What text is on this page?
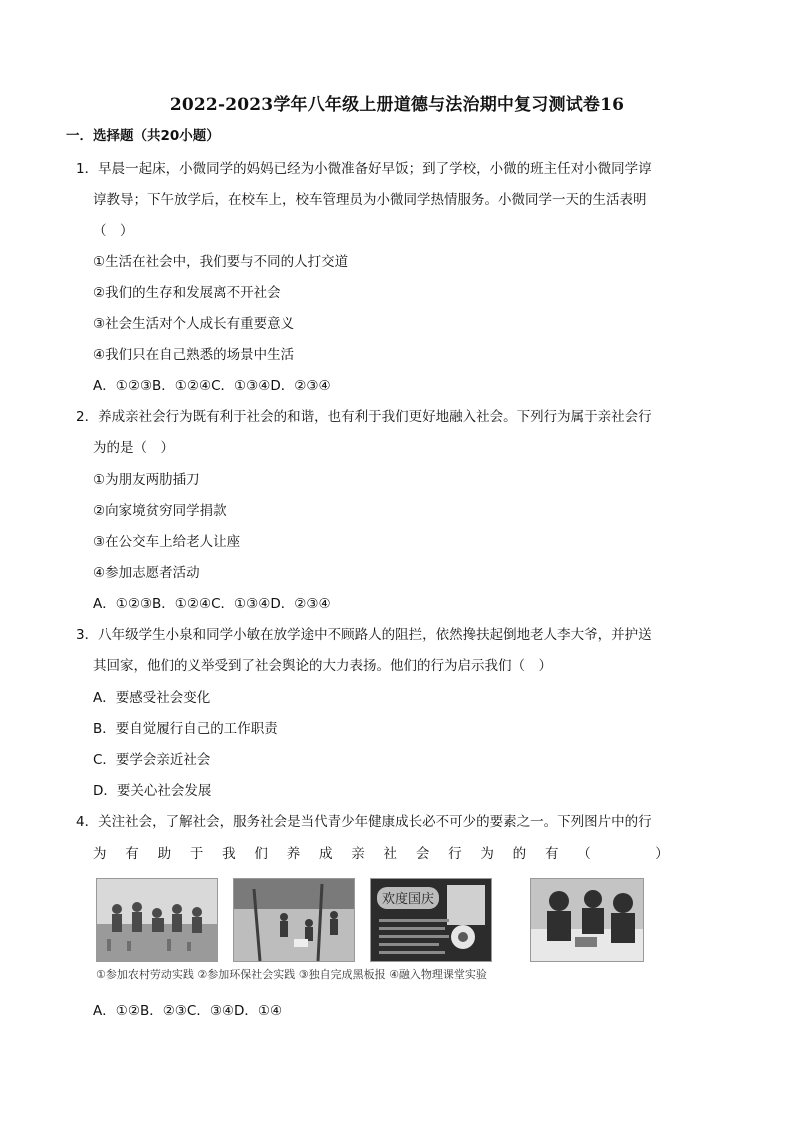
2022-2023学年八年级上册道德与法治期中复习测试卷16
一．选择题（共20小题）
1．早晨一起床，小微同学的妈妈已经为小微准备好早饭；到了学校，小微的班主任对小微同学谆
谆教导；下午放学后，在校车上，校车管理员为小微同学热情服务。小微同学一天的生活表明
（　）
①生活在社会中，我们要与不同的人打交道
②我们的生存和发展离不开社会
③社会生活对个人成长有重要意义
④我们只在自己熟悉的场景中生活
A．①②③B．①②④C．①③④D．②③④
2．养成亲社会行为既有利于社会的和谐，也有利于我们更好地融入社会。下列行为属于亲社会行
为的是（　）
①为朋友两肋插刀
②向家境贫穷同学捐款
③在公交车上给老人让座
④参加志愿者活动
A．①②③B．①②④C．①③④D．②③④
3．八年级学生小泉和同学小敏在放学途中不顾路人的阻拦，依然搀扶起倒地老人李大爷，并护送
其回家，他们的义举受到了社会舆论的大力表扬。他们的行为启示我们（　）
A．要感受社会变化
B．要自觉履行自己的工作职责
C．要学会亲近社会
D．要关心社会发展
4．关注社会，了解社会，服务社会是当代青少年健康成长必不可少的要素之一。下列图片中的行
为 有 助 于 我 们 养 成 亲 社 会 行 为 的 有 （
　　	）
欢度国庆
①参加农村劳动实践 ②参加环保社会实践 ③独自完成黑板报 ④融入物理课堂实验
A．①②B．②③C．③④D．①④
